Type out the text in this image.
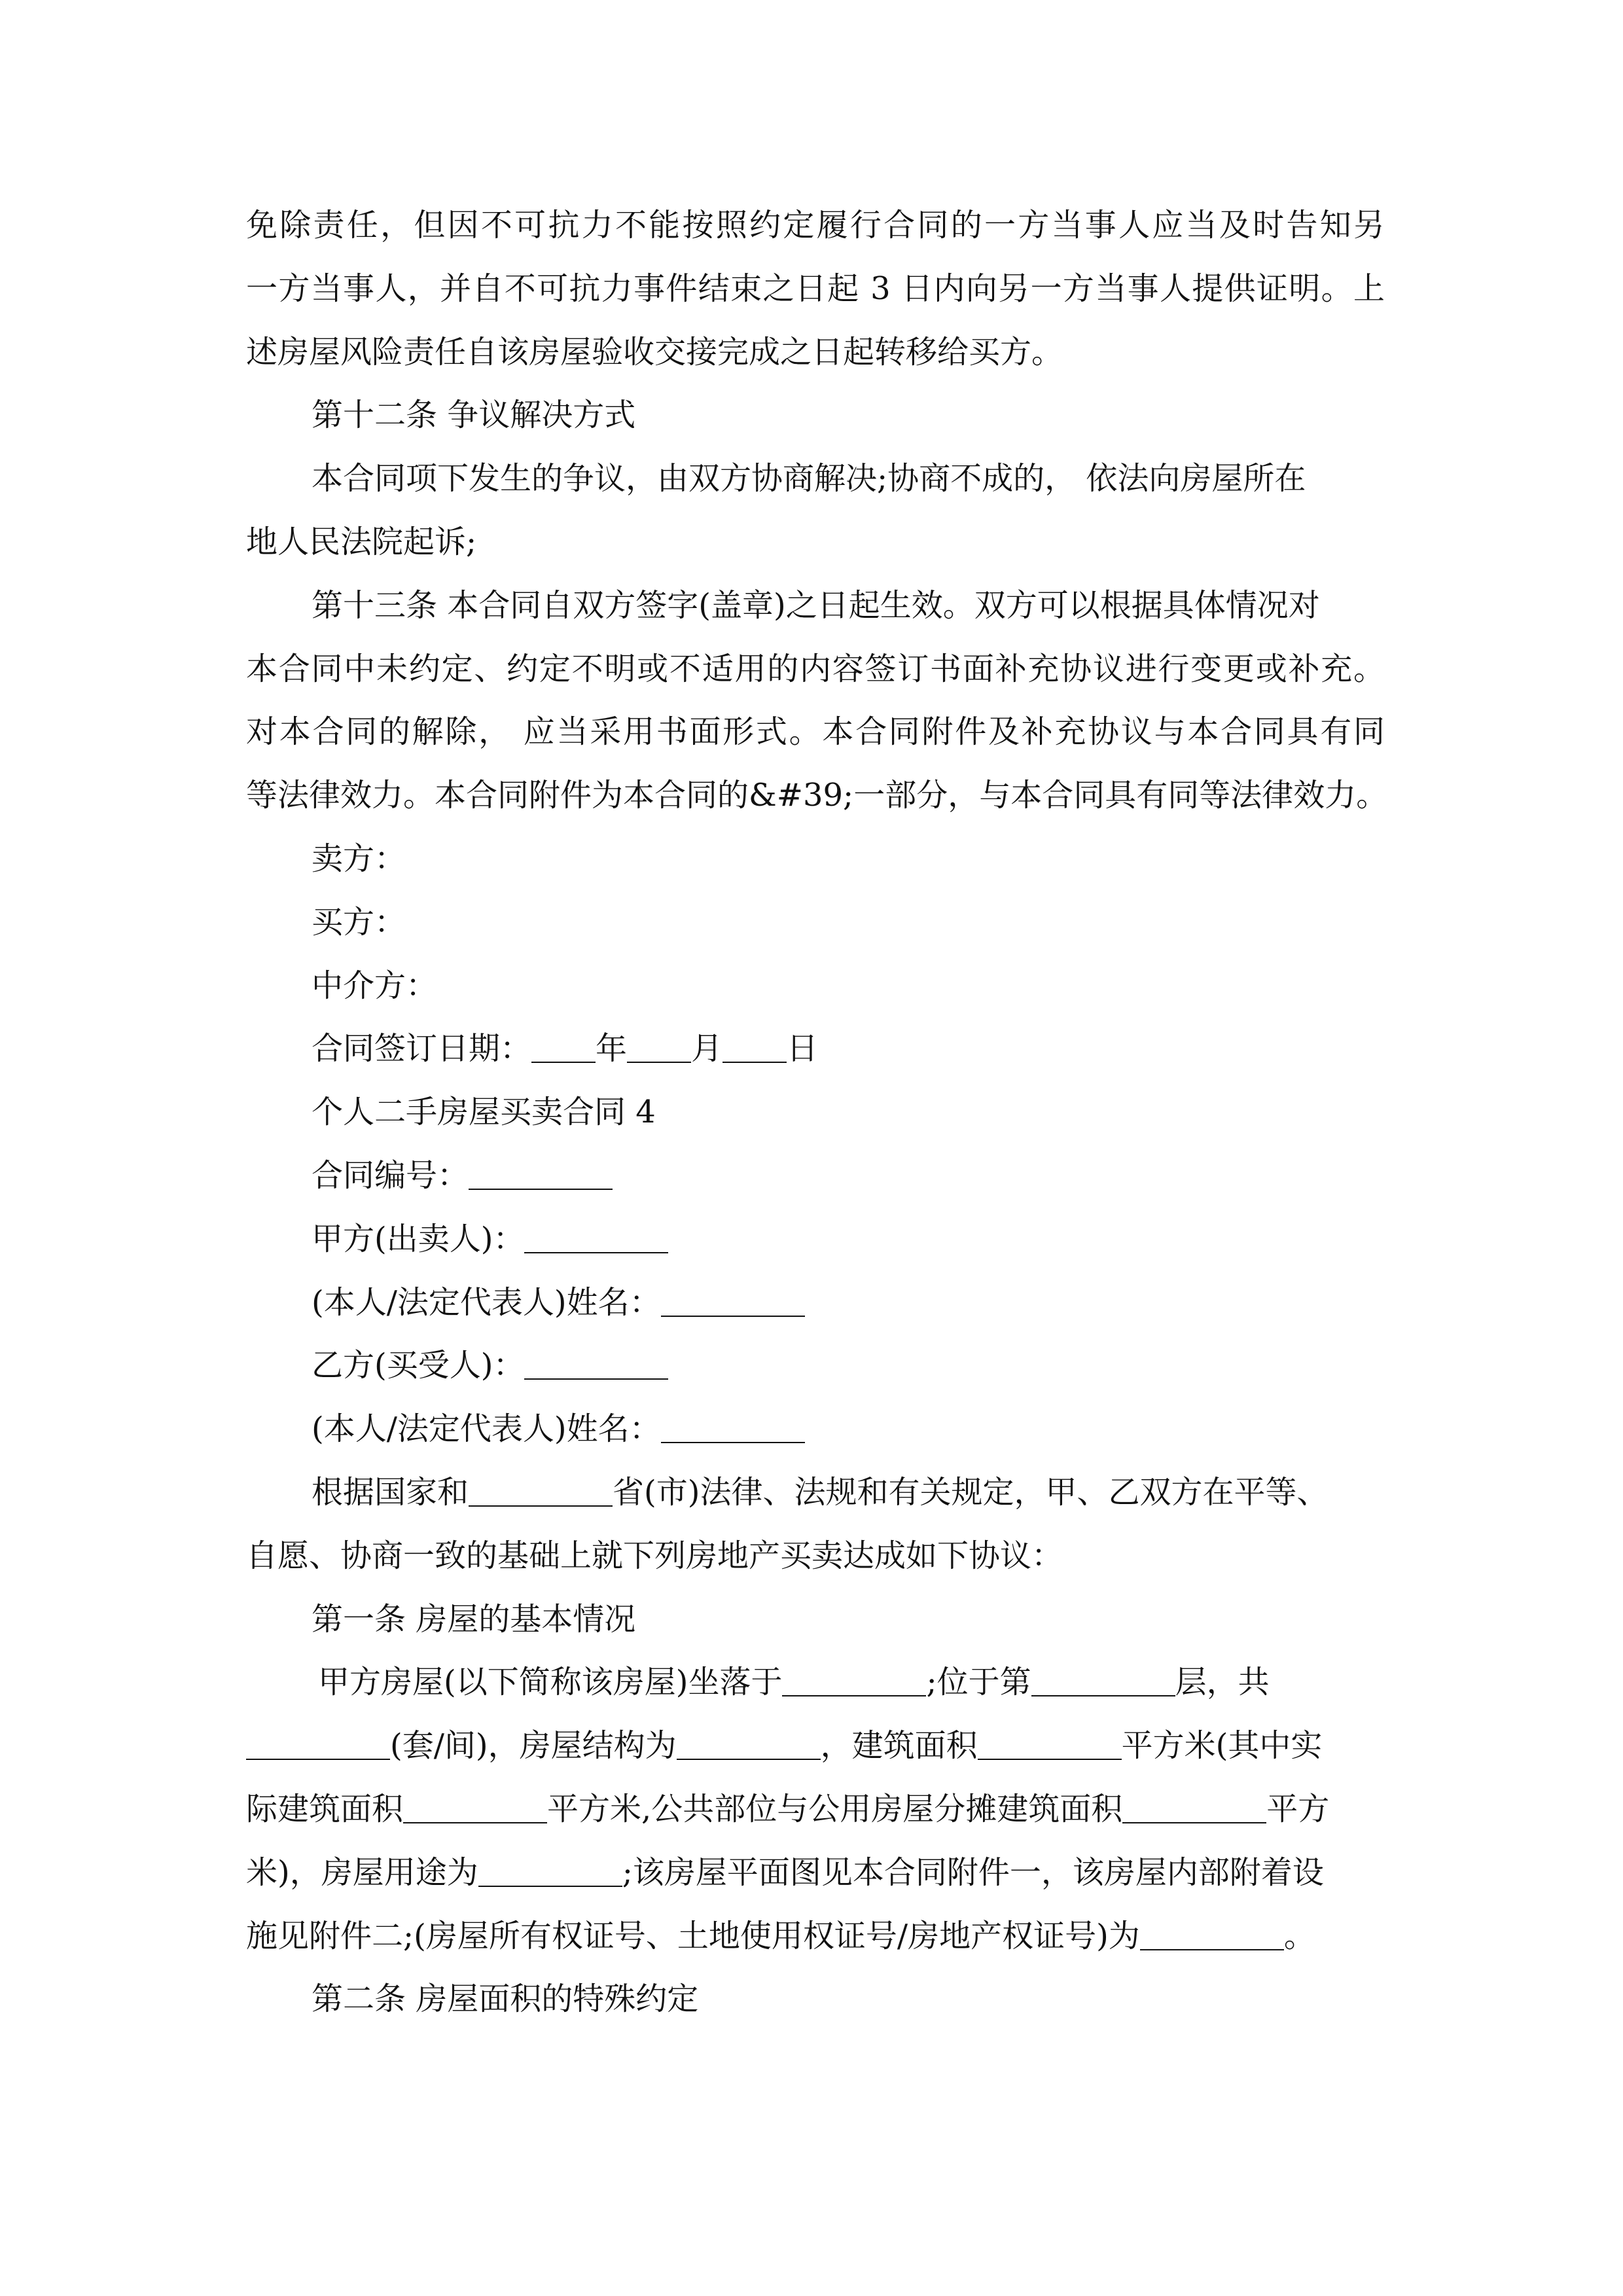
免除责任，但因不可抗力不能按照约定履行合同的一方当事人应当及时告知另
一方当事人，并自不可抗力事件结束之日起 3 日内向另一方当事人提供证明。上
述房屋风险责任自该房屋验收交接完成之日起转移给买方。
第十二条 争议解决方式
本合同项下发生的争议，由双方协商解决;协商不成的， 依法向房屋所在
地人民法院起诉;
第十三条 本合同自双方签字(盖章)之日起生效。双方可以根据具体情况对
本合同中未约定、约定不明或不适用的内容签订书面补充协议进行变更或补充。
对本合同的解除， 应当采用书面形式。本合同附件及补充协议与本合同具有同
等法律效力。本合同附件为本合同的&#39;一部分，与本合同具有同等法律效力。
卖方：
买方：
中介方：
合同签订日期： 年 月 日
个人二手房屋买卖合同 4
合同编号：
甲方(出卖人)：
(本人/法定代表人)姓名：
乙方(买受人)：
(本人/法定代表人)姓名：
根据国家和	省(市)法律、法规和有关规定，甲、乙双方在平等、
自愿、协商一致的基础上就下列房地产买卖达成如下协议：
第一条 房屋的基本情况
甲方房屋(以下简称该房屋)坐落于	;位于第	层，共
(套/间)，房屋结构为	，建筑面积	平方米(其中实
际建筑面积	平方米,公共部位与公用房屋分摊建筑面积	平方
米)，房屋用途为	;该房屋平面图见本合同附件一，该房屋内部附着设
施见附件二;(房屋所有权证号、土地使用权证号/房地产权证号)为	。
第二条 房屋面积的特殊约定
